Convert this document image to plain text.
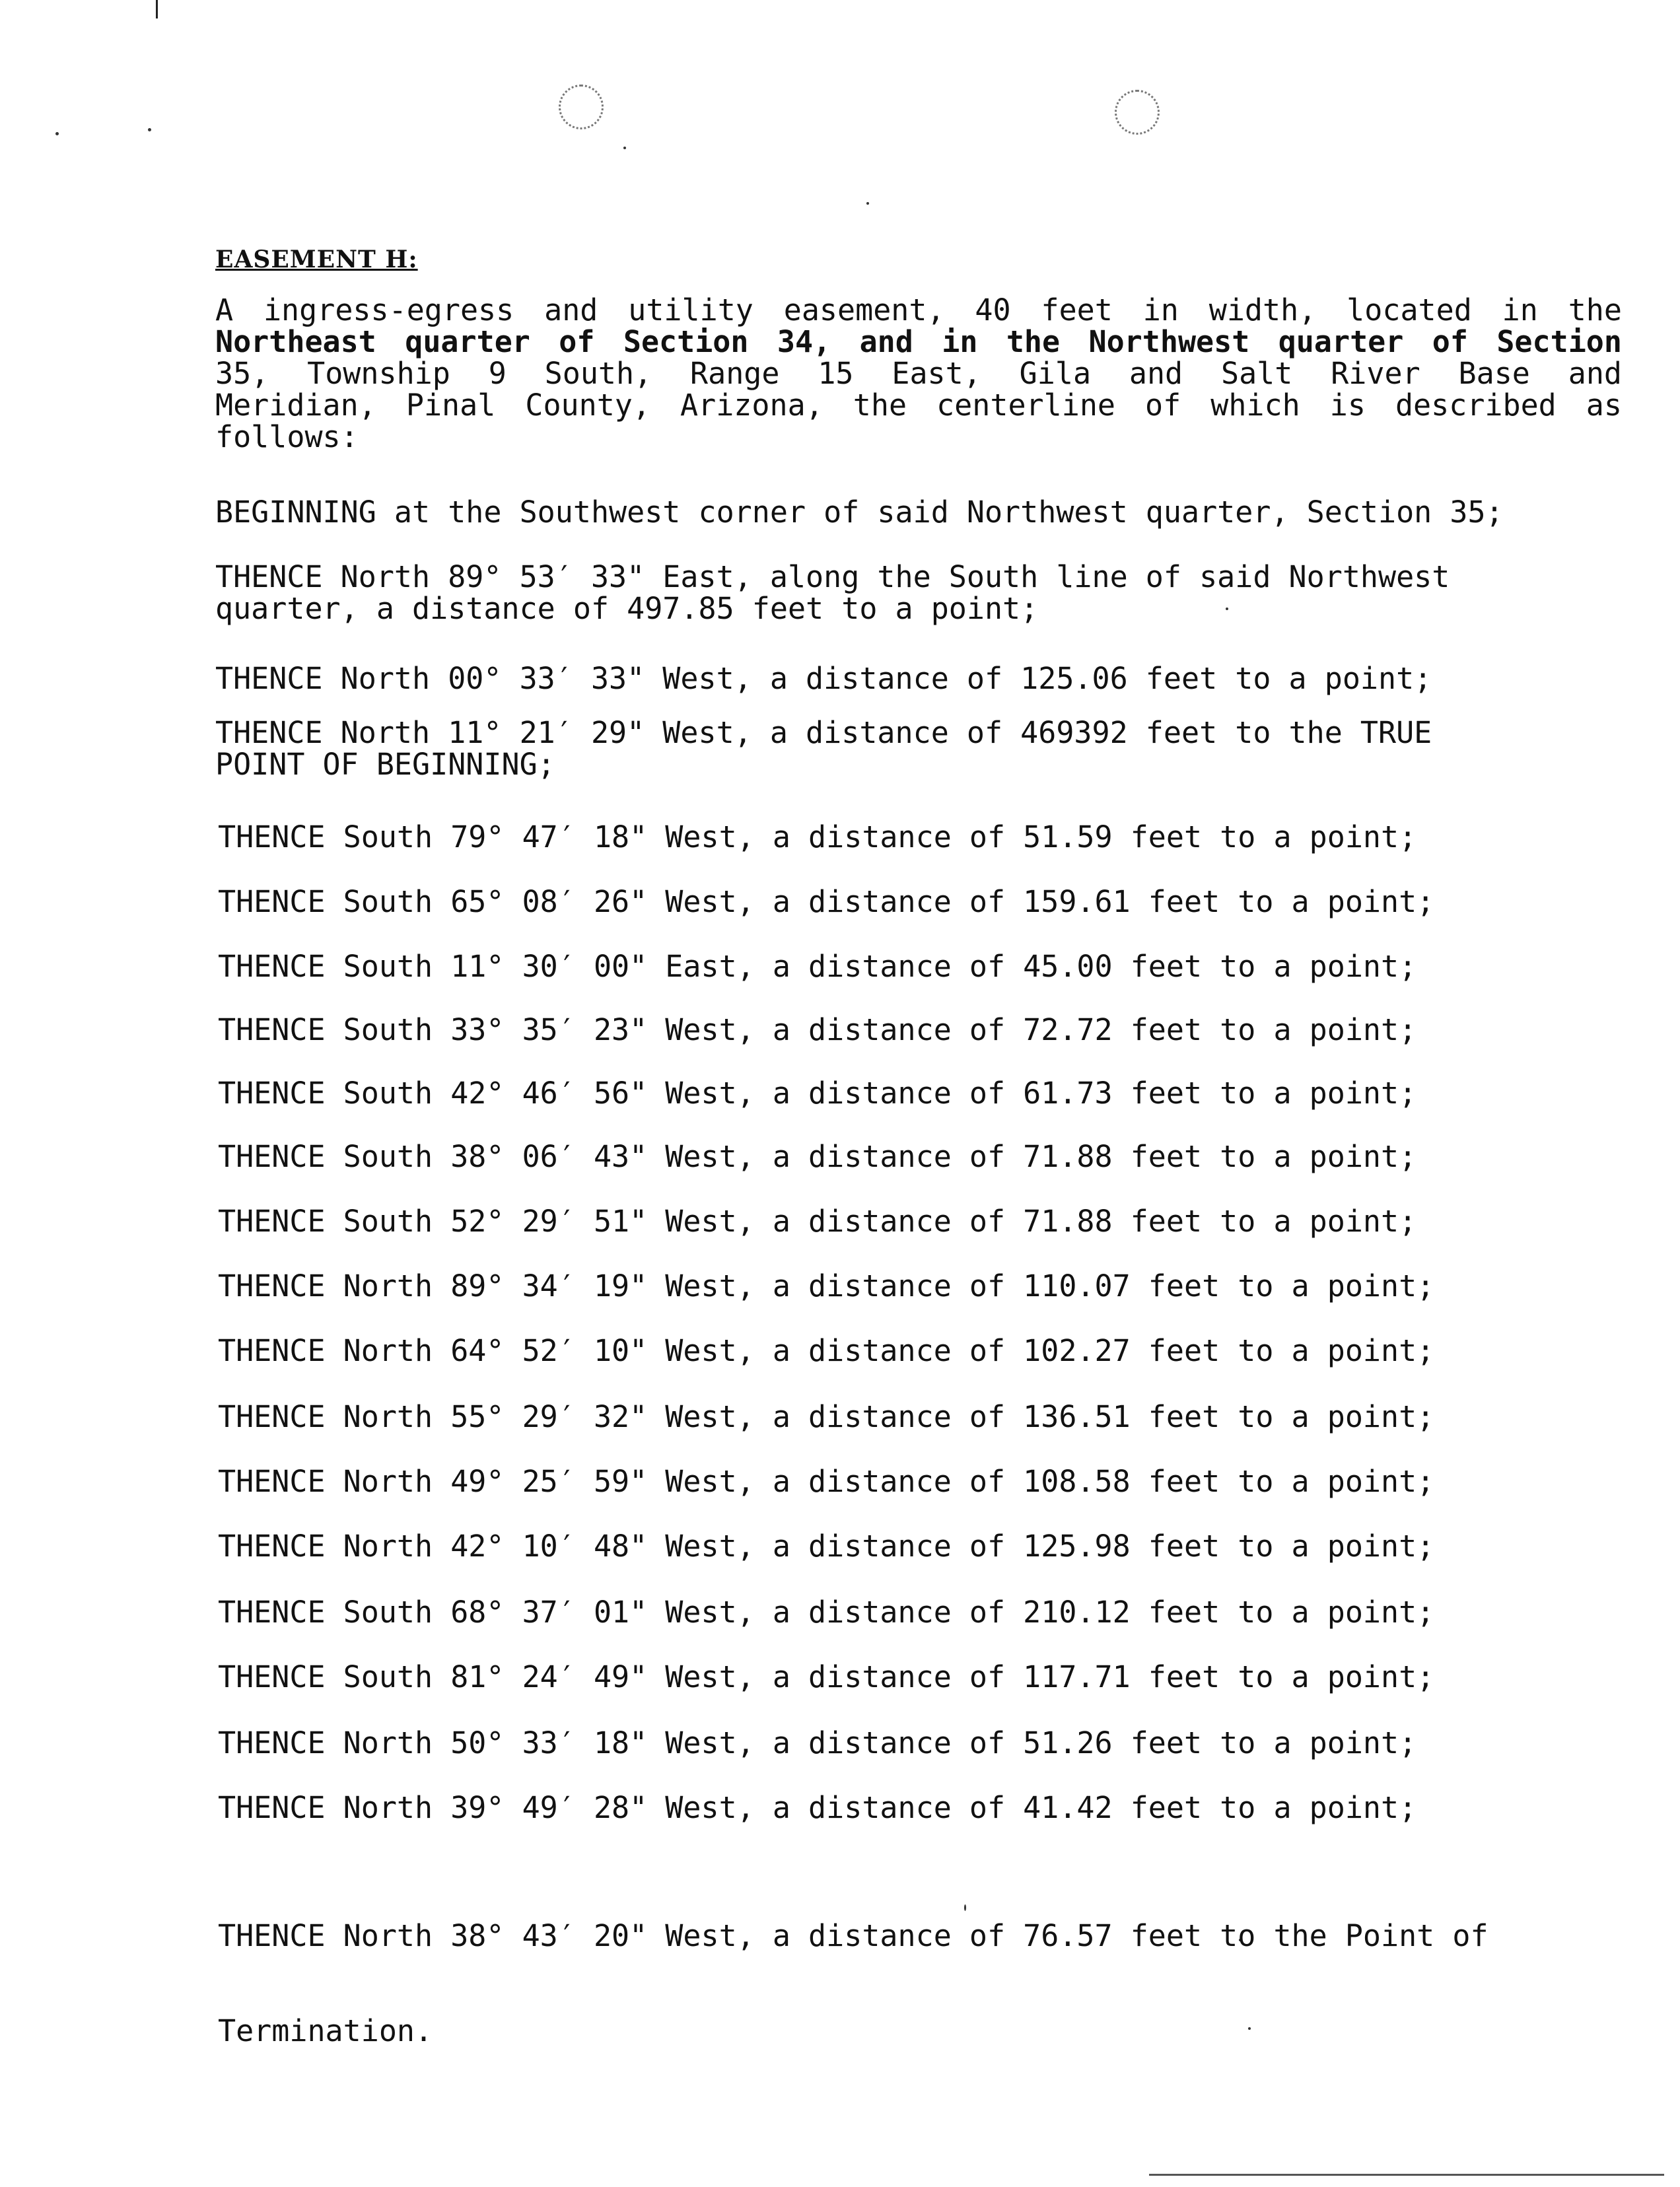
EASEMENT H:
A ingress-egress and utility easement, 40 feet in width, located in the
Northeast quarter of Section 34, and in the Northwest quarter of Section
35, Township 9 South, Range 15 East, Gila and Salt River Base and
Meridian, Pinal County, Arizona, the centerline of which is described as
follows:
BEGINNING at the Southwest corner of said Northwest quarter, Section 35;
THENCE North 89° 53′ 33" East, along the South line of said Northwest
quarter, a distance of 497.85 feet to a point;
THENCE North 00° 33′ 33" West, a distance of 125.06 feet to a point;
THENCE North 11° 21′ 29" West, a distance of 469392 feet to the TRUE
POINT OF BEGINNING;
THENCE South 79° 47′ 18" West, a distance of 51.59 feet to a point;
THENCE South 65° 08′ 26" West, a distance of 159.61 feet to a point;
THENCE South 11° 30′ 00" East, a distance of 45.00 feet to a point;
THENCE South 33° 35′ 23" West, a distance of 72.72 feet to a point;
THENCE South 42° 46′ 56" West, a distance of 61.73 feet to a point;
THENCE South 38° 06′ 43" West, a distance of 71.88 feet to a point;
THENCE South 52° 29′ 51" West, a distance of 71.88 feet to a point;
THENCE North 89° 34′ 19" West, a distance of 110.07 feet to a point;
THENCE North 64° 52′ 10" West, a distance of 102.27 feet to a point;
THENCE North 55° 29′ 32" West, a distance of 136.51 feet to a point;
THENCE North 49° 25′ 59" West, a distance of 108.58 feet to a point;
THENCE North 42° 10′ 48" West, a distance of 125.98 feet to a point;
THENCE South 68° 37′ 01" West, a distance of 210.12 feet to a point;
THENCE South 81° 24′ 49" West, a distance of 117.71 feet to a point;
THENCE North 50° 33′ 18" West, a distance of 51.26 feet to a point;
THENCE North 39° 49′ 28" West, a distance of 41.42 feet to a point;

THENCE North 38° 43′ 20" West, a distance of 76.57 feet to the Point of

Termination.
